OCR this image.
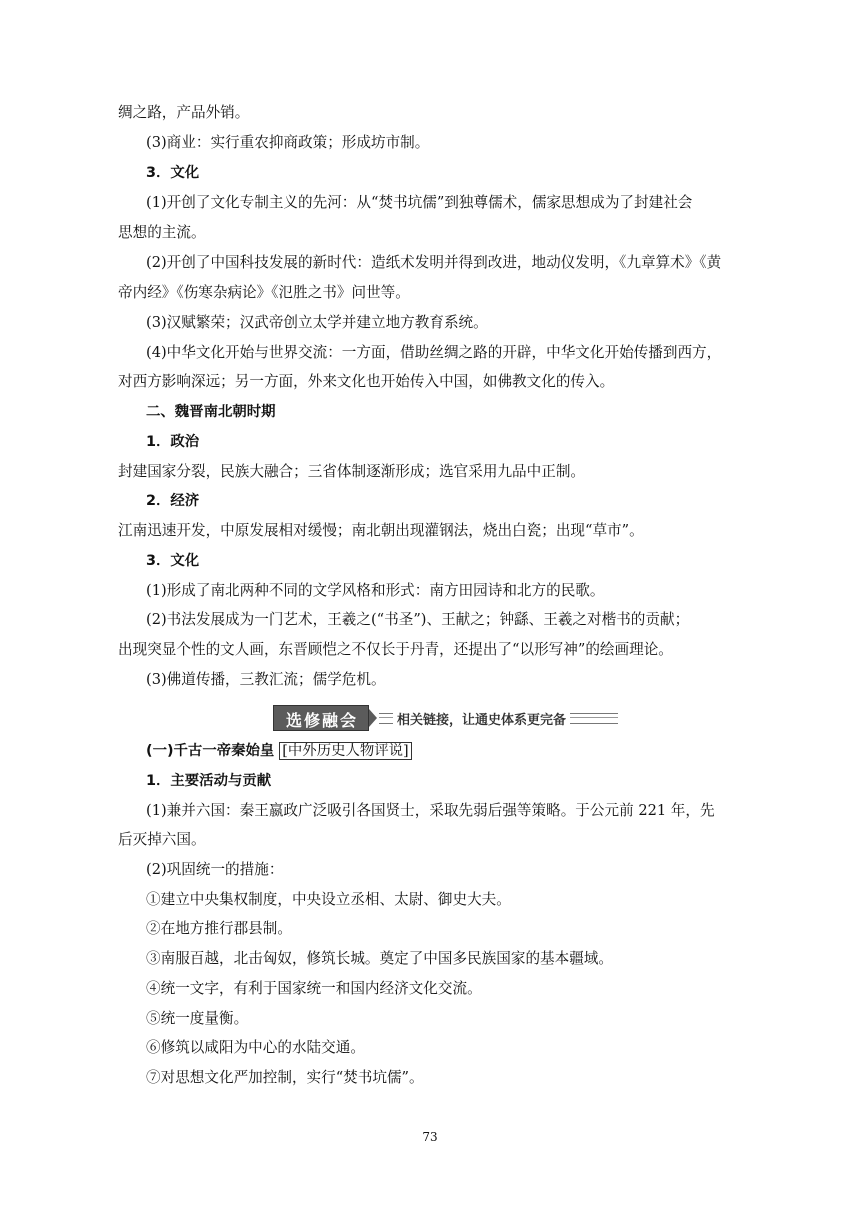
绸之路，产品外销。
(3)商业：实行重农抑商政策；形成坊市制。
3．文化
(1)开创了文化专制主义的先河：从“焚书坑儒”到独尊儒术，儒家思想成为了封建社会
思想的主流。
(2)开创了中国科技发展的新时代：造纸术发明并得到改进，地动仪发明，《九章算术》《黄
帝内经》《伤寒杂病论》《氾胜之书》问世等。
(3)汉赋繁荣；汉武帝创立太学并建立地方教育系统。
(4)中华文化开始与世界交流：一方面，借助丝绸之路的开辟，中华文化开始传播到西方，
对西方影响深远；另一方面，外来文化也开始传入中国，如佛教文化的传入。
二、魏晋南北朝时期
1．政治
封建国家分裂，民族大融合；三省体制逐渐形成；选官采用九品中正制。
2．经济
江南迅速开发，中原发展相对缓慢；南北朝出现灌钢法，烧出白瓷；出现“草市”。
3．文化
(1)形成了南北两种不同的文学风格和形式：南方田园诗和北方的民歌。
(2)书法发展成为一门艺术，王羲之(“书圣”)、王献之；钟繇、王羲之对楷书的贡献；
出现突显个性的文人画，东晋顾恺之不仅长于丹青，还提出了“以形写神”的绘画理论。
(3)佛道传播，三教汇流；儒学危机。
选修融会	相关链接，让通史体系更完备
(一)千古一帝秦始皇 [中外历史人物评说]
1．主要活动与贡献
(1)兼并六国：秦王嬴政广泛吸引各国贤士，采取先弱后强等策略。于公元前 221 年，先
后灭掉六国。
(2)巩固统一的措施：
①建立中央集权制度，中央设立丞相、太尉、御史大夫。
②在地方推行郡县制。
③南服百越，北击匈奴，修筑长城。奠定了中国多民族国家的基本疆域。
④统一文字，有利于国家统一和国内经济文化交流。
⑤统一度量衡。
⑥修筑以咸阳为中心的水陆交通。
⑦对思想文化严加控制，实行“焚书坑儒”。
73
